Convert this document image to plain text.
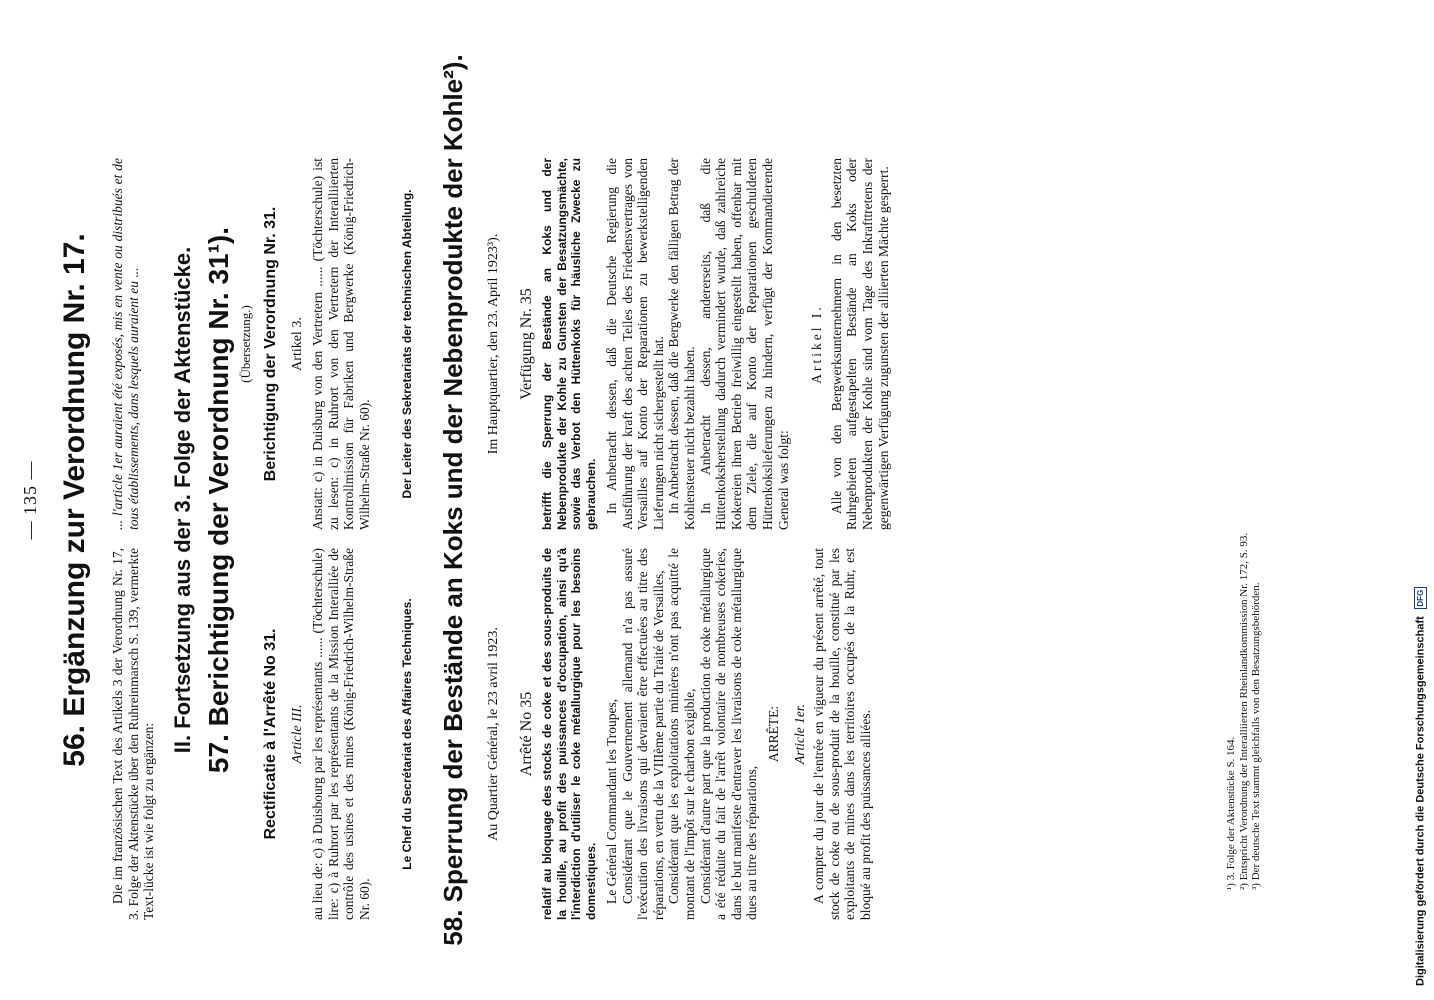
— 135 — 56. Ergänzung zur Verordnung Nr. 17. Die im französischen Text des Artikels 3 der Verordnung Nr. 17, 3. Folge der Aktenstücke über den Ruhreinmarsch S. 139, vermerkte Text-lücke ist wie folgt zu ergänzen:
... l'article 1er auraient été exposés, mis en vente ou distribués et de tous établissements, dans lesquels auraient eu ... II. Fortsetzung aus der 3. Folge der Aktenstücke. 57. Berichtigung der Verordnung Nr. 31¹). (Übersetzung.)
Rectificatie à l'Arrêté No 31.
Berichtigung der Verordnung Nr. 31.
Article III.
Artikel 3.
au lieu de: c) à Duisbourg par les représentants ...... (Töchterschule) lire: c) à Ruhrort par les représentants de la Mission Interalliée de contrôle des usines et des mines (König-Friedrich-Wilhelm-Straße Nr. 60).
Anstatt: c) in Duisburg von den Vertretern ...... (Töchterschule) ist zu lesen: c) in Ruhrort von den Vertretern der Interalliierten Kontrollmission für Fabriken und Bergwerke (König-Friedrich-Wilhelm-Straße Nr. 60).
Le Chef du Secrétariat des Affaires Techniques.
Der Leiter des Sekretariats der technischen Abteilung. 58. Sperrung der Bestände an Koks und der Nebenprodukte der Kohle²). Au Quartier Général, le 23 avril 1923.
Im Hauptquartier, den 23. April 1923³).
Arrêté No 35
Verfügung Nr. 35
relatif au bloquage des stocks de coke et des sous-produits de la houille, au profit des puissances d'occupation, ainsi qu'à l'interdiction d'utiliser le coke métallurgique pour les besoins domestiques.
betrifft die Sperrung der Bestände an Koks und der Nebenprodukte der Kohle zu Gunsten der Besatzungsmächte, sowie das Verbot den Hüttenkoks für häusliche Zwecke zu gebrauchen.
Le Général Commandant les Troupes, Considérant que le Gouvernement allemand n'a pas assuré l'exécution des livraisons qui devraient être effectuées au titre des réparations, en vertu de la VIIIème partie du Traité de Versailles, Considérant que les exploitations minières n'ont pas acquitté le montant de l'impôt sur le charbon exigible, Considérant d'autre part que la production de coke métallurgique a été réduite du fait de l'arrêt volontaire de nombreuses cokeries, dans le but manifeste d'entraver les livraisons de coke métallurgique dues au titre des réparations,
ARRÊTE: Article 1er. A compter du jour de l'entrée en vigueur du présent arrêté, tout stock de coke ou de sous-produit de la houille, constitué par les exploitants de mines dans les territoires occupés de la Ruhr, est bloqué au profit des puissances alliées.
In Anbetracht dessen, daß die Deutsche Regierung die Ausführung der kraft des achten Teiles des Friedensvertrages von Versailles auf Konto der Reparationen zu bewerkstelligenden Lieferungen nicht sichergestellt hat. In Anbetracht dessen, daß die Bergwerke den fälligen Betrag der Kohlensteuer nicht bezahlt haben. In Anbetracht dessen, andererseits, daß die Hüttenkoksherstellung dadurch vermindert wurde, daß zahlreiche Kokereien ihren Betrieb freiwillig eingestellt haben, offenbar mit dem Ziele, die auf Konto der Reparationen geschuldeten Hüttenkokslieferungen zu hindern, verfügt der Kommandierende General was folgt:
Artikel I. Alle von den Bergwerksunternehmern in den besetzten Ruhrgebieten aufgestapelten Bestände an Koks oder Nebenprodukten der Kohle sind vom Tage des Inkrafttretens der gegenwärtigen Verfügung zugunsten der alliierten Mächte gesperrt.
¹) 3. Folge der Aktenstücke S. 164. ²) Entspricht Verordnung der Interalliierten Rheinlandkommission Nr. 172, S. 93. ³) Der deutsche Text stammt gleichfalls von den Besatzungsbehörden.	Digitalisierung gefördert durch die Deutsche Forschungsgemeinschaft DFG
